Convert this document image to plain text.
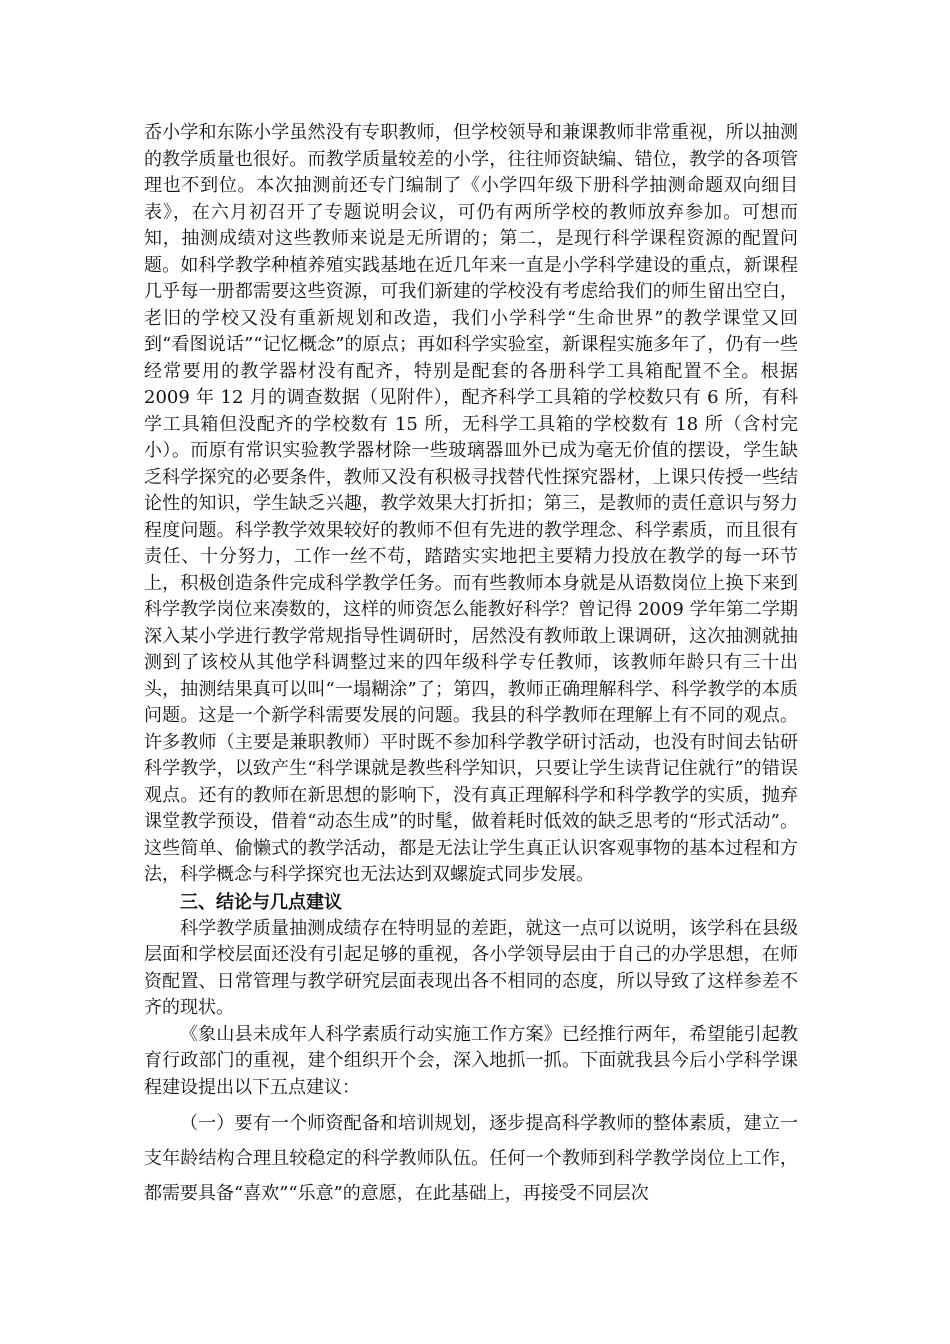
岙小学和东陈小学虽然没有专职教师，但学校领导和兼课教师非常重视，所以抽测的教学质量也很好。而教学质量较差的小学，往往师资缺编、错位，教学的各项管理也不到位。本次抽测前还专门编制了《小学四年级下册科学抽测命题双向细目表》，在六月初召开了专题说明会议，可仍有两所学校的教师放弃参加。可想而知，抽测成绩对这些教师来说是无所谓的；第二，是现行科学课程资源的配置问题。如科学教学种植养殖实践基地在近几年来一直是小学科学建设的重点，新课程几乎每一册都需要这些资源，可我们新建的学校没有考虑给我们的师生留出空白，老旧的学校又没有重新规划和改造，我们小学科学“生命世界”的教学课堂又回到“看图说话”“记忆概念”的原点；再如科学实验室，新课程实施多年了，仍有一些经常要用的教学器材没有配齐，特别是配套的各册科学工具箱配置不全。根据 2009 年 12 月的调查数据（见附件），配齐科学工具箱的学校数只有 6 所，有科学工具箱但没配齐的学校数有 15 所，无科学工具箱的学校数有 18 所（含村完小）。而原有常识实验教学器材除一些玻璃器皿外已成为毫无价值的摆设，学生缺乏科学探究的必要条件，教师又没有积极寻找替代性探究器材，上课只传授一些结论性的知识，学生缺乏兴趣，教学效果大打折扣；第三，是教师的责任意识与努力程度问题。科学教学效果较好的教师不但有先进的教学理念、科学素质，而且很有责任、十分努力，工作一丝不苟，踏踏实实地把主要精力投放在教学的每一环节上，积极创造条件完成科学教学任务。而有些教师本身就是从语数岗位上换下来到科学教学岗位来凑数的，这样的师资怎么能教好科学？曾记得 2009 学年第二学期深入某小学进行教学常规指导性调研时，居然没有教师敢上课调研，这次抽测就抽测到了该校从其他学科调整过来的四年级科学专任教师，该教师年龄只有三十出头，抽测结果真可以叫“一塌糊涂”了；第四，教师正确理解科学、科学教学的本质问题。这是一个新学科需要发展的问题。我县的科学教师在理解上有不同的观点。许多教师（主要是兼职教师）平时既不参加科学教学研讨活动，也没有时间去钻研科学教学，以致产生“科学课就是教些科学知识，只要让学生读背记住就行”的错误观点。还有的教师在新思想的影响下，没有真正理解科学和科学教学的实质，抛弃课堂教学预设，借着“动态生成”的时髦，做着耗时低效的缺乏思考的“形式活动”。这些简单、偷懒式的教学活动，都是无法让学生真正认识客观事物的基本过程和方法，科学概念与科学探究也无法达到双螺旋式同步发展。

三、结论与几点建议

科学教学质量抽测成绩存在特明显的差距，就这一点可以说明，该学科在县级层面和学校层面还没有引起足够的重视，各小学领导层由于自己的办学思想，在师资配置、日常管理与教学研究层面表现出各不相同的态度，所以导致了这样参差不齐的现状。

《象山县未成年人科学素质行动实施工作方案》已经推行两年，希望能引起教育行政部门的重视，建个组织开个会，深入地抓一抓。下面就我县今后小学科学课程建设提出以下五点建议：

（一）要有一个师资配备和培训规划，逐步提高科学教师的整体素质，建立一支年龄结构合理且较稳定的科学教师队伍。任何一个教师到科学教学岗位上工作，都需要具备“喜欢”“乐意”的意愿，在此基础上，再接受不同层次
